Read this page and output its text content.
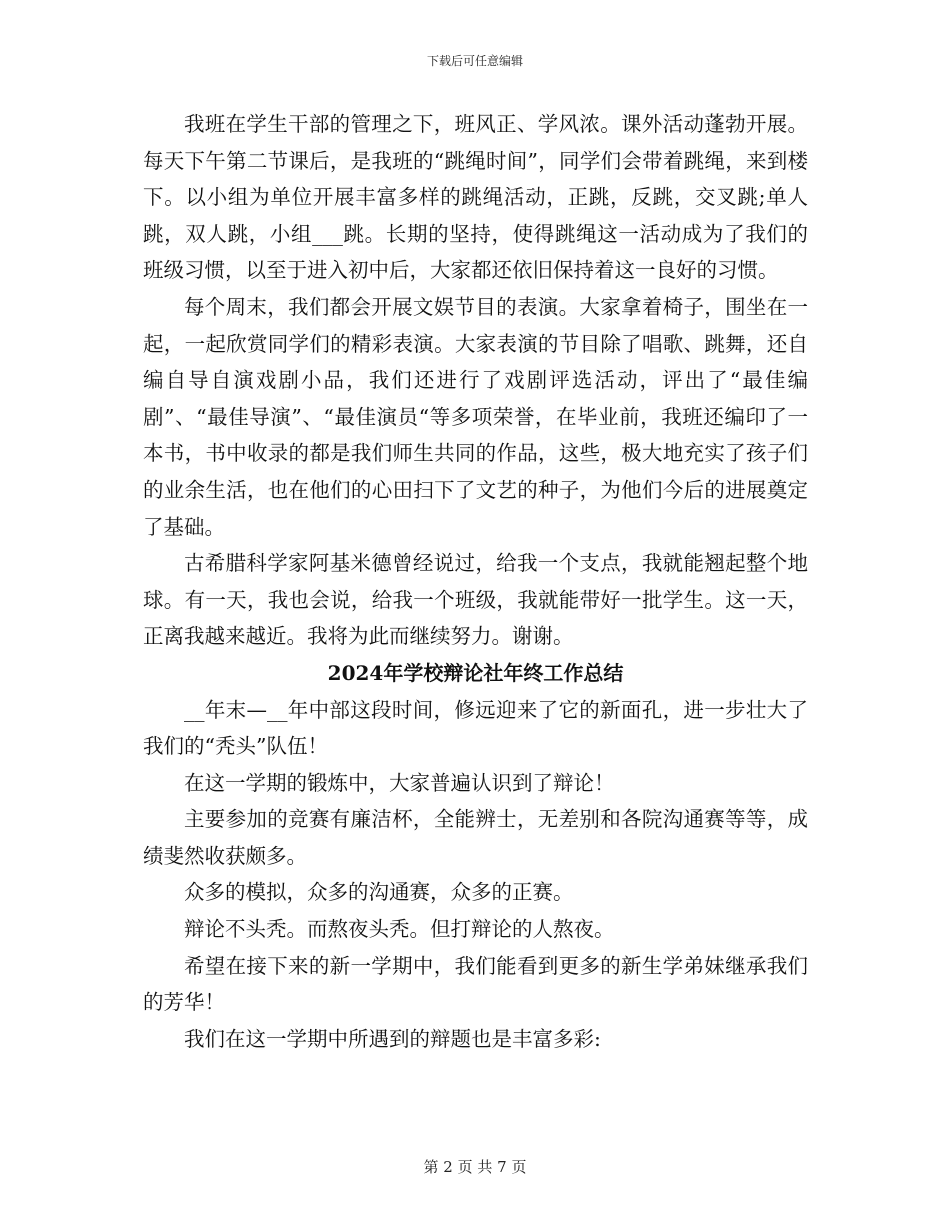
下载后可任意编辑

我班在学生干部的管理之下，班风正、学风浓。课外活动蓬勃开展。每天下午第二节课后，是我班的“跳绳时间”，同学们会带着跳绳，来到楼下。以小组为单位开展丰富多样的跳绳活动，正跳，反跳，交叉跳;单人跳，双人跳，小组___跳。长期的坚持，使得跳绳这一活动成为了我们的班级习惯，以至于进入初中后，大家都还依旧保持着这一良好的习惯。

每个周末，我们都会开展文娱节目的表演。大家拿着椅子，围坐在一起，一起欣赏同学们的精彩表演。大家表演的节目除了唱歌、跳舞，还自编自导自演戏剧小品，我们还进行了戏剧评选活动，评出了“最佳编剧”、“最佳导演”、“最佳演员“等多项荣誉，在毕业前，我班还编印了一本书，书中收录的都是我们师生共同的作品，这些，极大地充实了孩子们的业余生活，也在他们的心田扫下了文艺的种子，为他们今后的进展奠定了基础。

古希腊科学家阿基米德曾经说过，给我一个支点，我就能翘起整个地球。有一天，我也会说，给我一个班级，我就能带好一批学生。这一天，正离我越来越近。我将为此而继续努力。谢谢。

2024年学校辩论社年终工作总结

__年末—__年中部这段时间，修远迎来了它的新面孔，进一步壮大了我们的“秃头”队伍！

在这一学期的锻炼中，大家普遍认识到了辩论！

主要参加的竞赛有廉洁杯，全能辨士，无差别和各院沟通赛等等，成绩斐然收获颇多。

众多的模拟，众多的沟通赛，众多的正赛。

辩论不头秃。而熬夜头秃。但打辩论的人熬夜。

希望在接下来的新一学期中，我们能看到更多的新生学弟妹继承我们的芳华！

我们在这一学期中所遇到的辩题也是丰富多彩:

第 2 页 共 7 页
